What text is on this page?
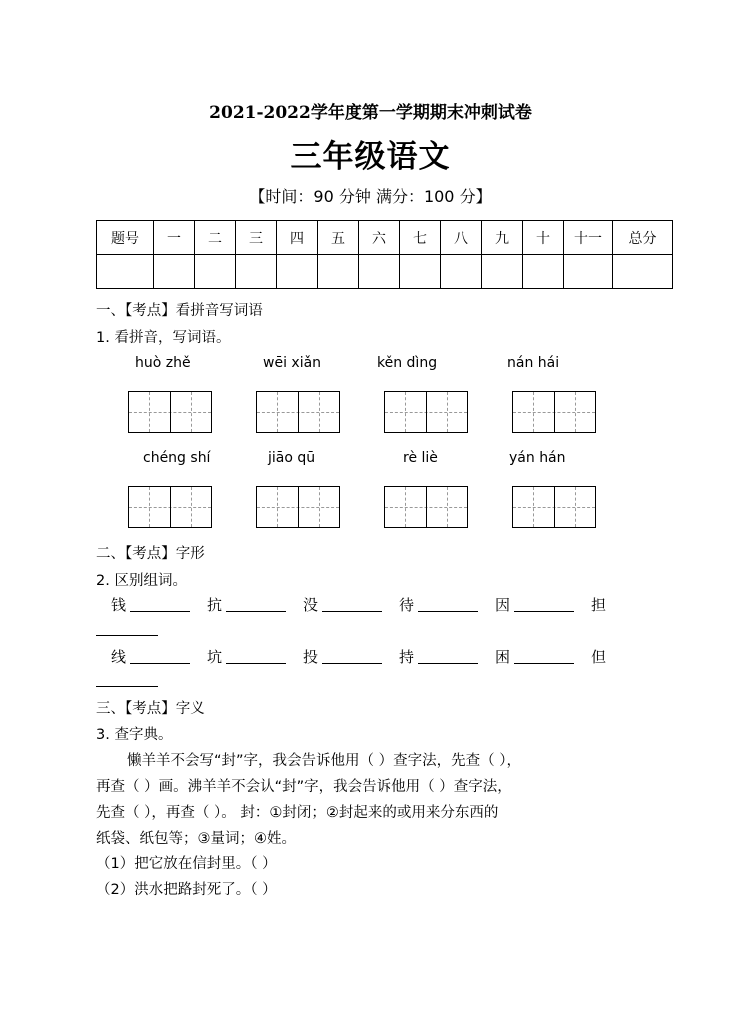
2021-2022学年度第一学期期末冲刺试卷
三年级语文
【时间：90 分钟 满分：100 分】
题号	一	二	三	四	五	六	七	八	九	十	十一	总分

一、【考点】看拼音写词语
1. 看拼音，写词语。
huò zhě	wēi xiǎn	kěn dìng	nán hái
chéng shí	jiāo qū	rè liè	yán hán
二、【考点】字形
2. 区别组词。
钱	抗	没	待	因	担
线	坑	投	持	困	但
三、【考点】字义
3. 查字典。
懒羊羊不会写“封”字，我会告诉他用（ ）查字法，先查（ ），
再查（ ）画。沸羊羊不会认“封”字，我会告诉他用（ ）查字法，
先查（ ），再查（ ）。 封：①封闭；②封起来的或用来分东西的
纸袋、纸包等；③量词；④姓。
（1）把它放在信封里。（ ）
（2）洪水把路封死了。（ ）
